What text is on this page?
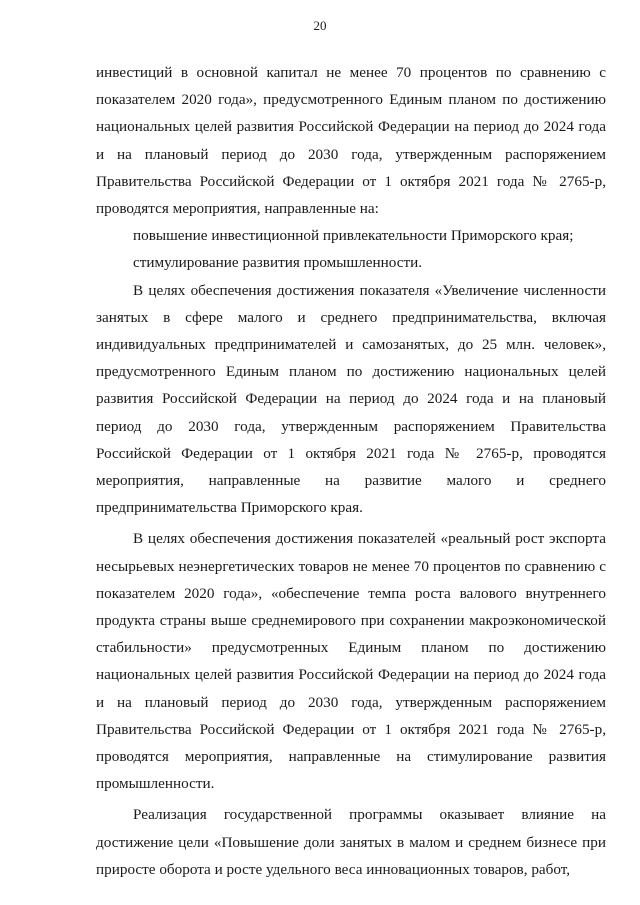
20

инвестиций в основной капитал не менее 70 процентов по сравнению с показателем 2020 года», предусмотренного Единым планом по достижению национальных целей развития Российской Федерации на период до 2024 года и на плановый период до 2030 года, утвержденным распоряжением Правительства Российской Федерации от 1 октября 2021 года № 2765-р, проводятся мероприятия, направленные на:

повышение инвестиционной привлекательности Приморского края;

стимулирование развития промышленности.

В целях обеспечения достижения показателя «Увеличение численности занятых в сфере малого и среднего предпринимательства, включая индивидуальных предпринимателей и самозанятых, до 25 млн. человек», предусмотренного Единым планом по достижению национальных целей развития Российской Федерации на период до 2024 года и на плановый период до 2030 года, утвержденным распоряжением Правительства Российской Федерации от 1 октября 2021 года № 2765-р, проводятся мероприятия, направленные на развитие малого и среднего предпринимательства Приморского края.

В целях обеспечения достижения показателей «реальный рост экспорта несырьевых неэнергетических товаров не менее 70 процентов по сравнению с показателем 2020 года», «обеспечение темпа роста валового внутреннего продукта страны выше среднемирового при сохранении макроэкономической стабильности» предусмотренных Единым планом по достижению национальных целей развития Российской Федерации на период до 2024 года и на плановый период до 2030 года, утвержденным распоряжением Правительства Российской Федерации от 1 октября 2021 года № 2765-р, проводятся мероприятия, направленные на стимулирование развития промышленности.

Реализация государственной программы оказывает влияние на достижение цели «Повышение доли занятых в малом и среднем бизнесе при приросте оборота и росте удельного веса инновационных товаров, работ,
